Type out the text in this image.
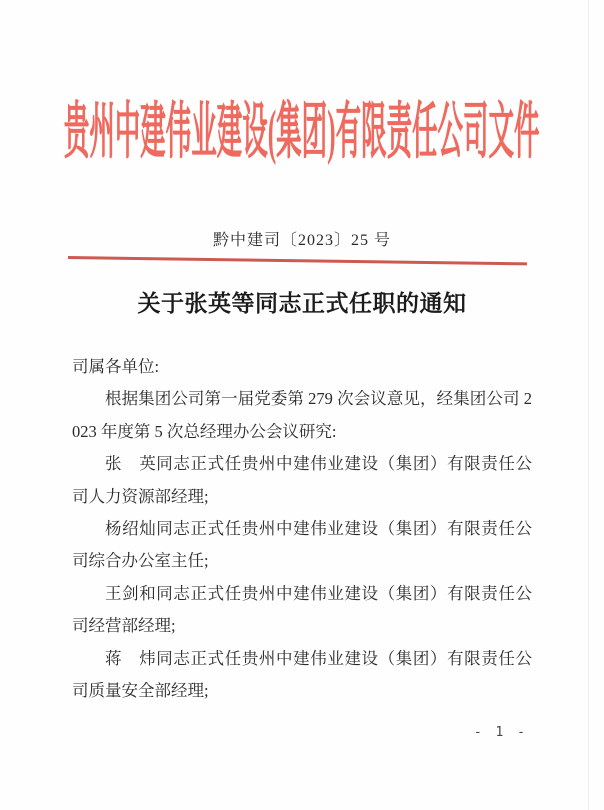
贵州中建伟业建设(集团)有限责任公司文件
黔中建司〔2023〕25 号
关于张英等同志正式任职的通知

司属各单位:

根据集团公司第一届党委第 279 次会议意见，经集团公司 2023 年度第 5 次总经理办公会议研究:

张　英同志正式任贵州中建伟业建设（集团）有限责任公司人力资源部经理;

杨绍灿同志正式任贵州中建伟业建设（集团）有限责任公司综合办公室主任;

王剑和同志正式任贵州中建伟业建设（集团）有限责任公司经营部经理;

蒋　炜同志正式任贵州中建伟业建设（集团）有限责任公司质量安全部经理;

- 1 -
